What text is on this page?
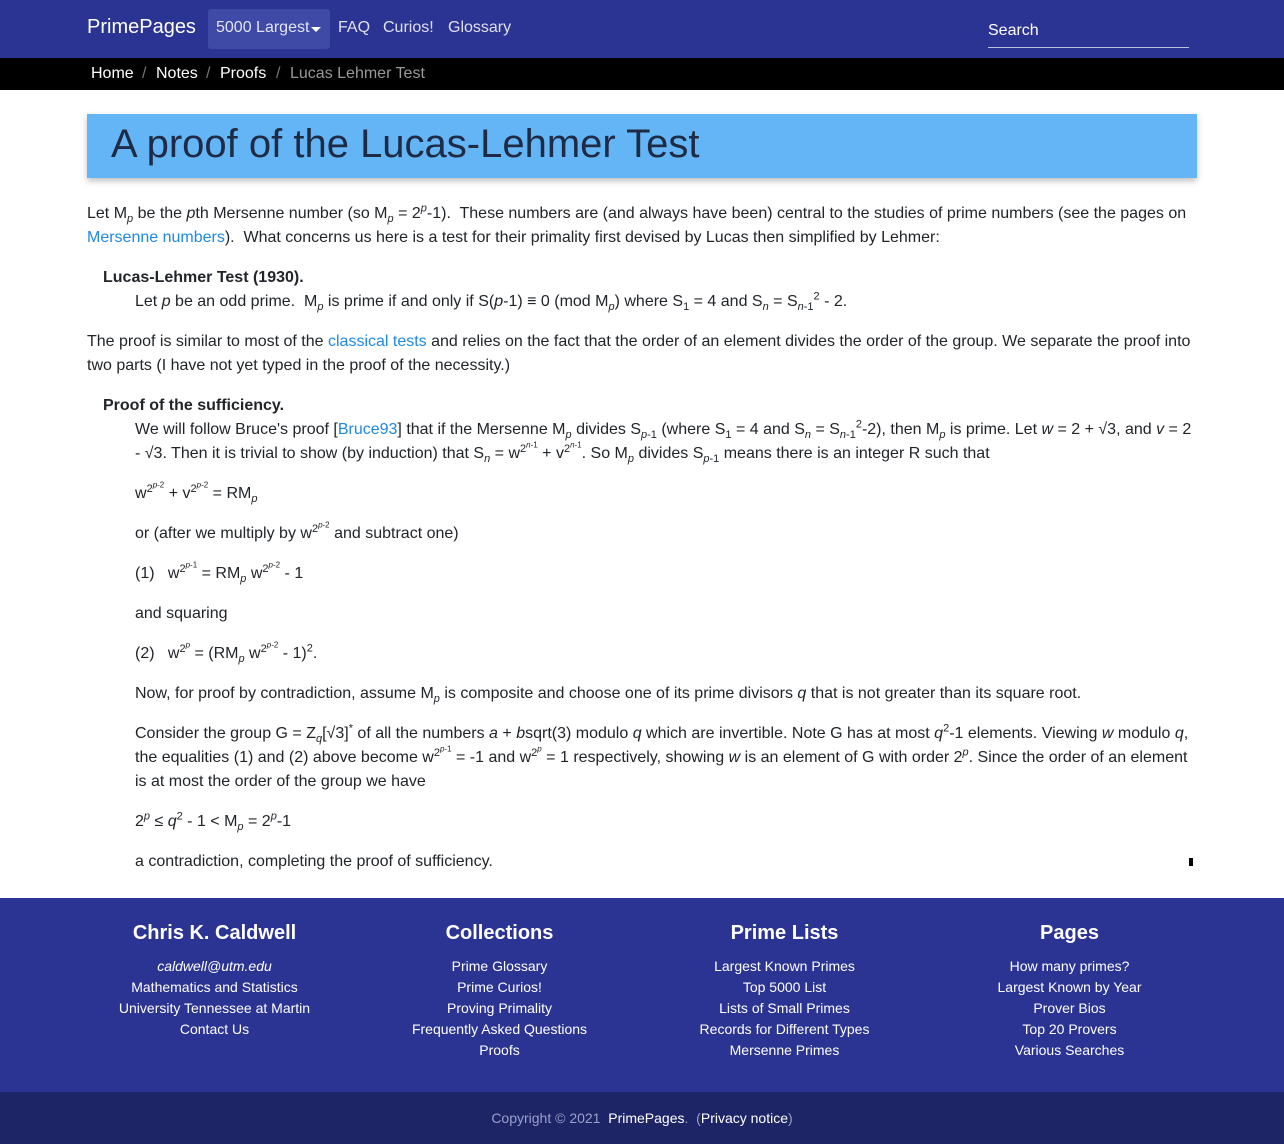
PrimePages 5000 Largest FAQ Curios! Glossary
Search
Home / Notes / Proofs / Lucas Lehmer Test
A proof of the Lucas-Lehmer Test

Let $M_p$ be the pth Mersenne number (so $M_p = 2^p-1$).  These numbers are (and always have been) central to the studies of prime numbers (see the pages on Mersenne numbers).  What concerns us here is a test for their primality first devised by Lucas then simplified by Lehmer:

Lucas-Lehmer Test (1930).

Let p be an odd prime.  $M_p$ is prime if and only if S(p-1) ≡ 0 (mod $M_p$) where $S_1 = 4$ and $S_n = S_{n-1}^2 - 2$.

The proof is similar to most of the classical tests and relies on the fact that the order of an element divides the order of the group. We separate the proof into two parts (I have not yet typed in the proof of the necessity.)

Proof of the sufficiency.

We will follow Bruce's proof [Bruce93] that if the Mersenne $M_p$ divides $S_{p-1}$ (where $S_1 = 4$ and $S_n = S_{n-1}^2-2$), then $M_p$ is prime. Let w = 2 + √3, and v = 2 - √3. Then it is trivial to show (by induction) that $S_n = w^{2^{n-1}} + v^{2^{n-1}}$. So $M_p$ divides $S_{p-1}$ means there is an integer R such that

$w^{2^{p-2}} + v^{2^{p-2}} = RM_p$

or (after we multiply by $w^{2^{p-2}}$ and subtract one)

(1)   $w^{2^{p-1}} = RM_p$ $w^{2^{p-2}} - 1$

and squaring

(2)   $w^{2^p} = (RM_p$ $w^{2^{p-2}} - 1)^2$.

Now, for proof by contradiction, assume $M_p$ is composite and choose one of its prime divisors q that is not greater than its square root.

Consider the group $G = Z_q[√3]^*$ of all the numbers a + bsqrt(3) modulo q which are invertible. Note G has at most $q^2-1$ elements. Viewing w modulo q, the equalities (1) and (2) above become $w^{2^{p-1}} = -1$ and $w^{2^p} = 1$ respectively, showing w is an element of G with order 2$^p$. Since the order of an element is at most the order of the group we have

$2^p \le q^2 - 1 < M_p = 2^p-1$

a contradiction, completing the proof of sufficiency.

Chris K. Caldwell
caldwell@utm.edu
Mathematics and Statistics
University Tennessee at Martin
Contact Us
Collections
Prime Glossary
Prime Curios!
Proving Primality
Frequently Asked Questions
Proofs
Prime Lists
Largest Known Primes
Top 5000 List
Lists of Small Primes
Records for Different Types
Mersenne Primes
Pages
How many primes?
Largest Known by Year
Prover Bios
Top 20 Provers
Various Searches
Copyright © 2021 PrimePages.  (Privacy notice)
